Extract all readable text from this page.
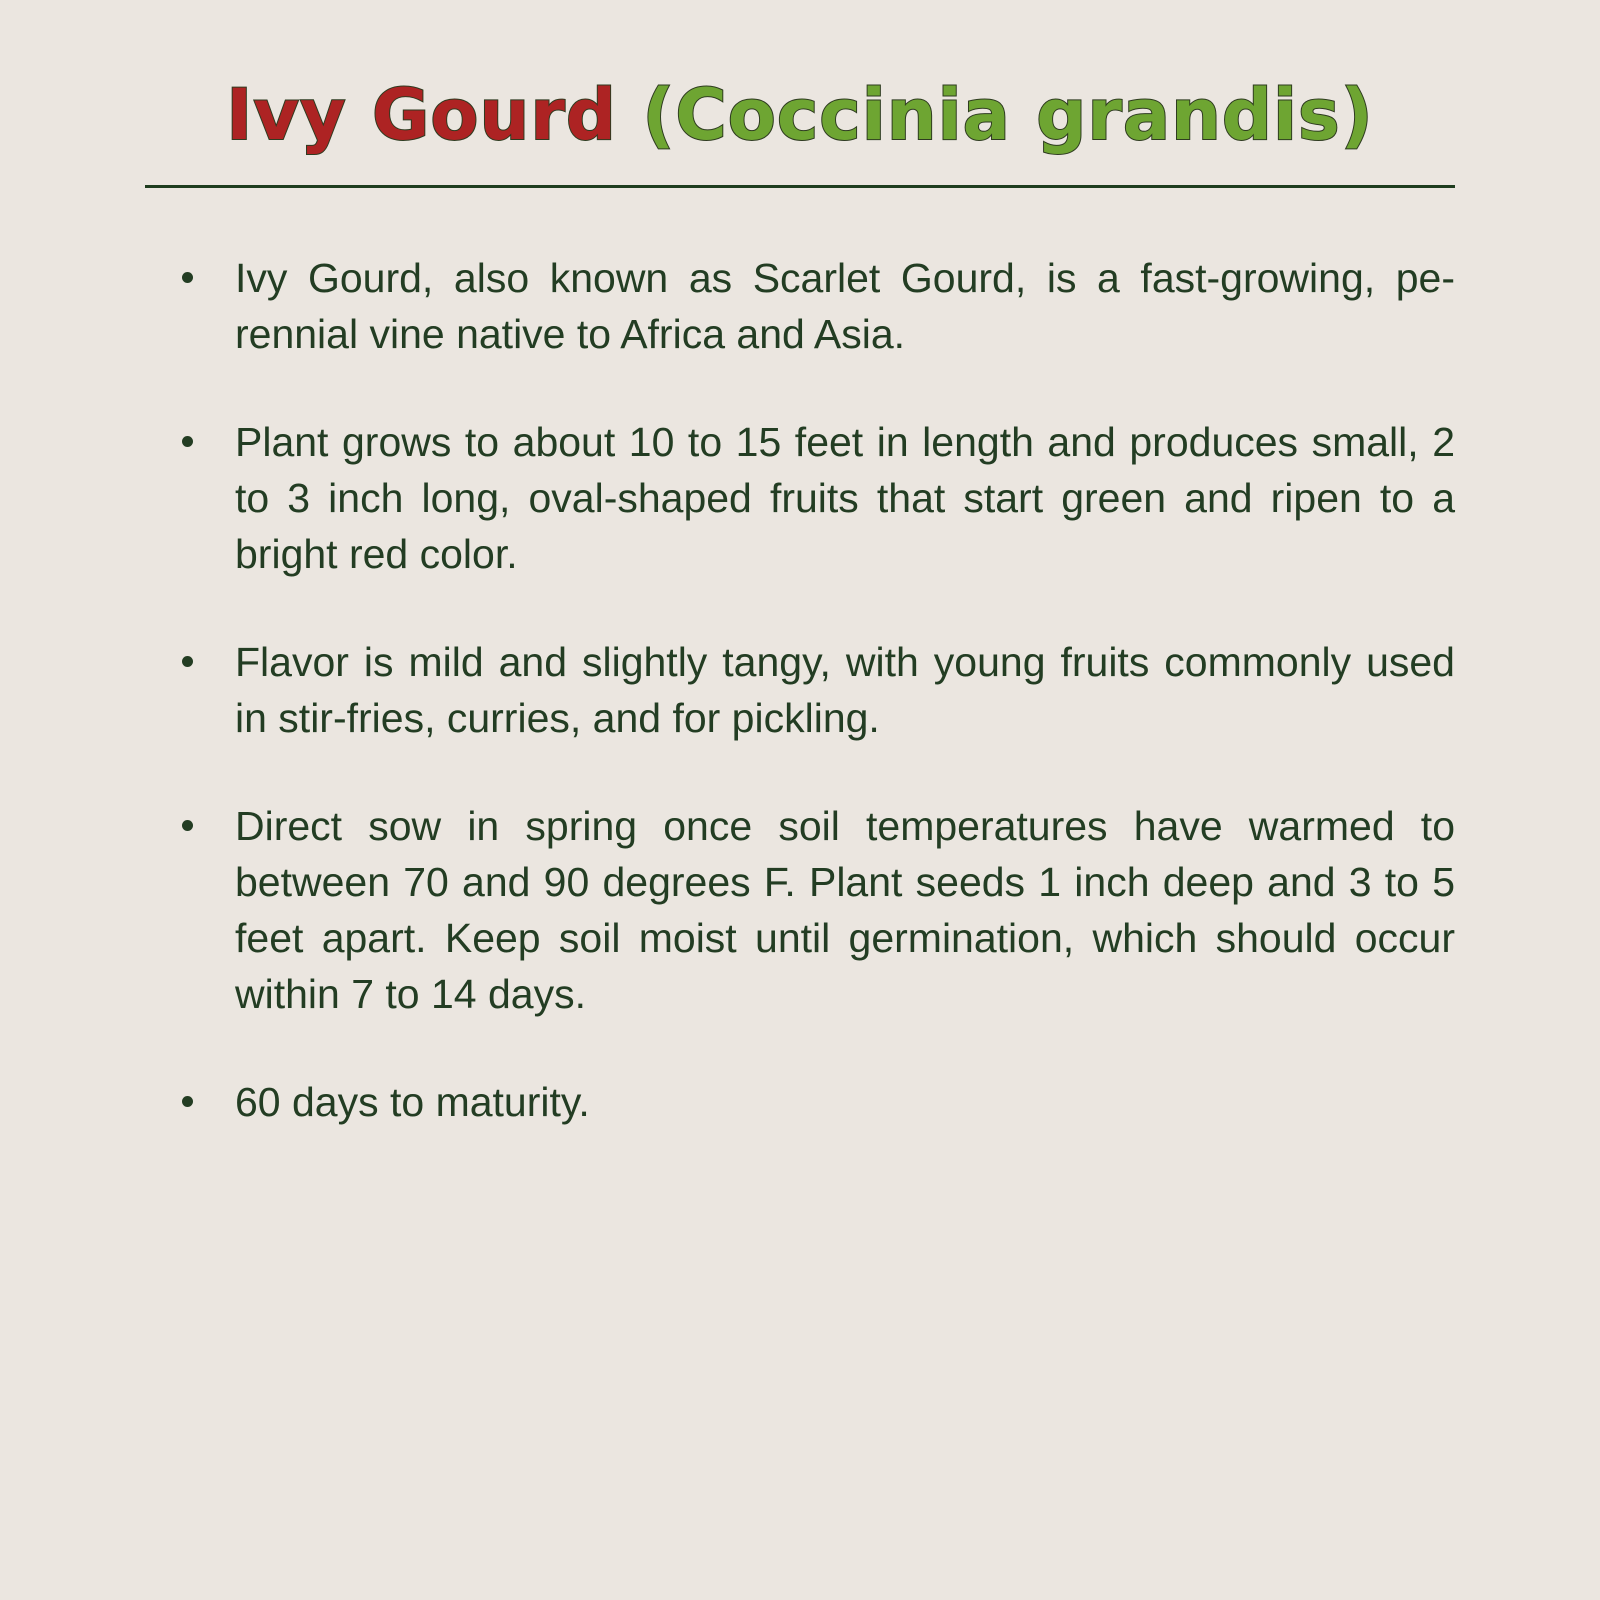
Ivy Gourd (Coccinia grandis)
Ivy Gourd, also known as Scarlet Gourd, is a fast-growing, pe-rennial vine native to Africa and Asia.
Plant grows to about 10 to 15 feet in length and produces small, 2 to 3 inch long, oval-shaped fruits that start green and ripen to a bright red color.
Flavor is mild and slightly tangy, with young fruits commonly used in stir-fries, curries, and for pickling.
Direct sow in spring once soil temperatures have warmed to between 70 and 90 degrees F. Plant seeds 1 inch deep and 3 to 5 feet apart. Keep soil moist until germination, which should occur within 7 to 14 days.
60 days to maturity.
